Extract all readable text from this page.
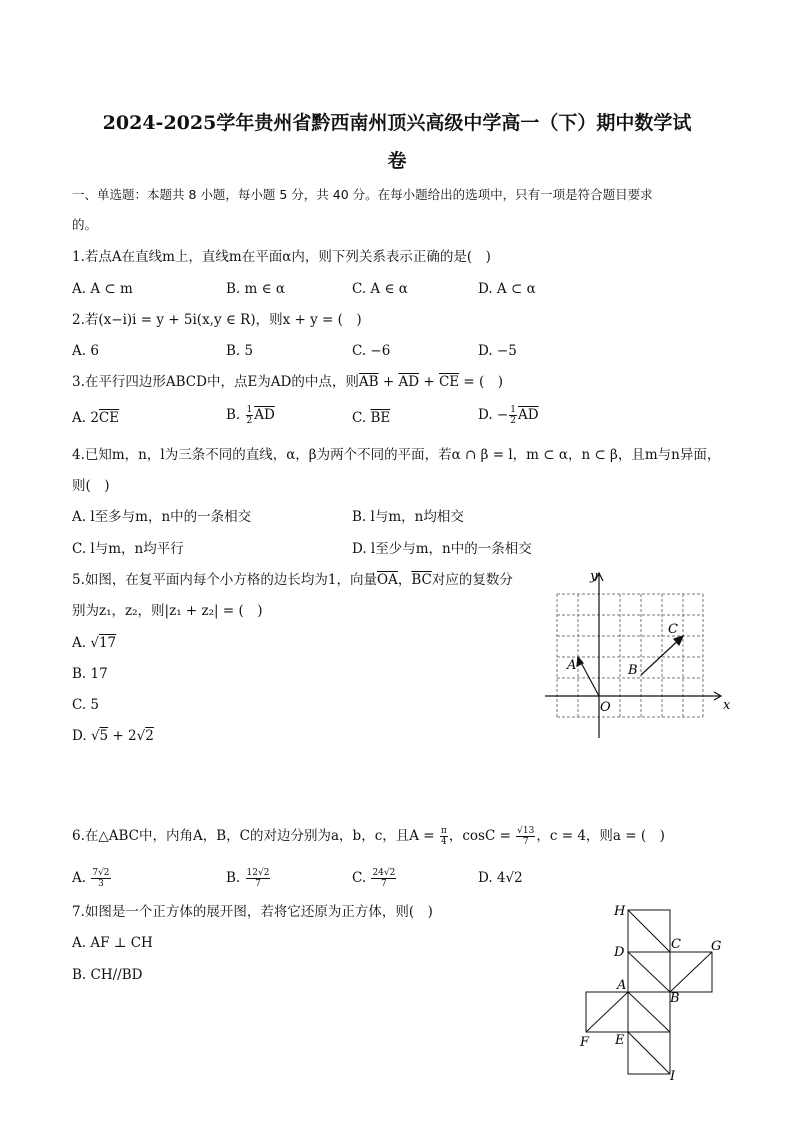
2024-2025学年贵州省黔西南州顶兴高级中学高一（下）期中数学试
卷
一、单选题：本题共 8 小题，每小题 5 分，共 40 分。在每小题给出的选项中，只有一项是符合题目要求
的。
1.若点A在直线m上，直线m在平面α内，则下列关系表示正确的是(　)
A. A ⊂ m	B. m ∈ α	C. A ∈ α	D. A ⊂ α
2.若(x−i)i = y + 5i(x,y ∈ R)，则x + y = (　)
A. 6	B. 5	C. −6	D. −5
3.在平行四边形ABCD中，点E为AD的中点，则$\overline{AB} + \overline{AD} + \overline{CE}$ = (　)
A. $2\overline{CE}$	B. $\frac{1}{2} \overline{AD}$	C. $\overline{BE}$	D. − $\frac{1}{2} \overline{AD}$
4.已知m，n，l为三条不同的直线，α，β为两个不同的平面，若α ∩ β = l，m ⊂ α，n ⊂ β，且m与n异面，
则(　)
A. l至多与m，n中的一条相交	B. l与m，n均相交
C. l与m，n均平行	D. l至少与m，n中的一条相交
5.如图，在复平面内每个小方格的边长均为1，向量$\overline{OA}$，$\overline{BC}$对应的复数分
别为z₁，z₂，则|z₁ + z₂| = (　)
A. √17
B. 17
C. 5
D. √5 + 2√2
x
y
O
A	B
C
6.在△ABC中，内角A，B，C的对边分别为a，b，c，且$A = \frac{\pi}{4}$ ，$\cos C = \frac{√13}{7}$ ，c = 4，则a = (　)
A. $\frac{7√2}{3}$	B. $\frac{12√2}{7}$	C. $\frac{24√2}{7}$	D. 4√2
7.如图是一个正方体的展开图，若将它还原为正方体，则(　)
A. AF ⊥ CH
B. CH//BD
H
D
C G
A
B
F E
I
